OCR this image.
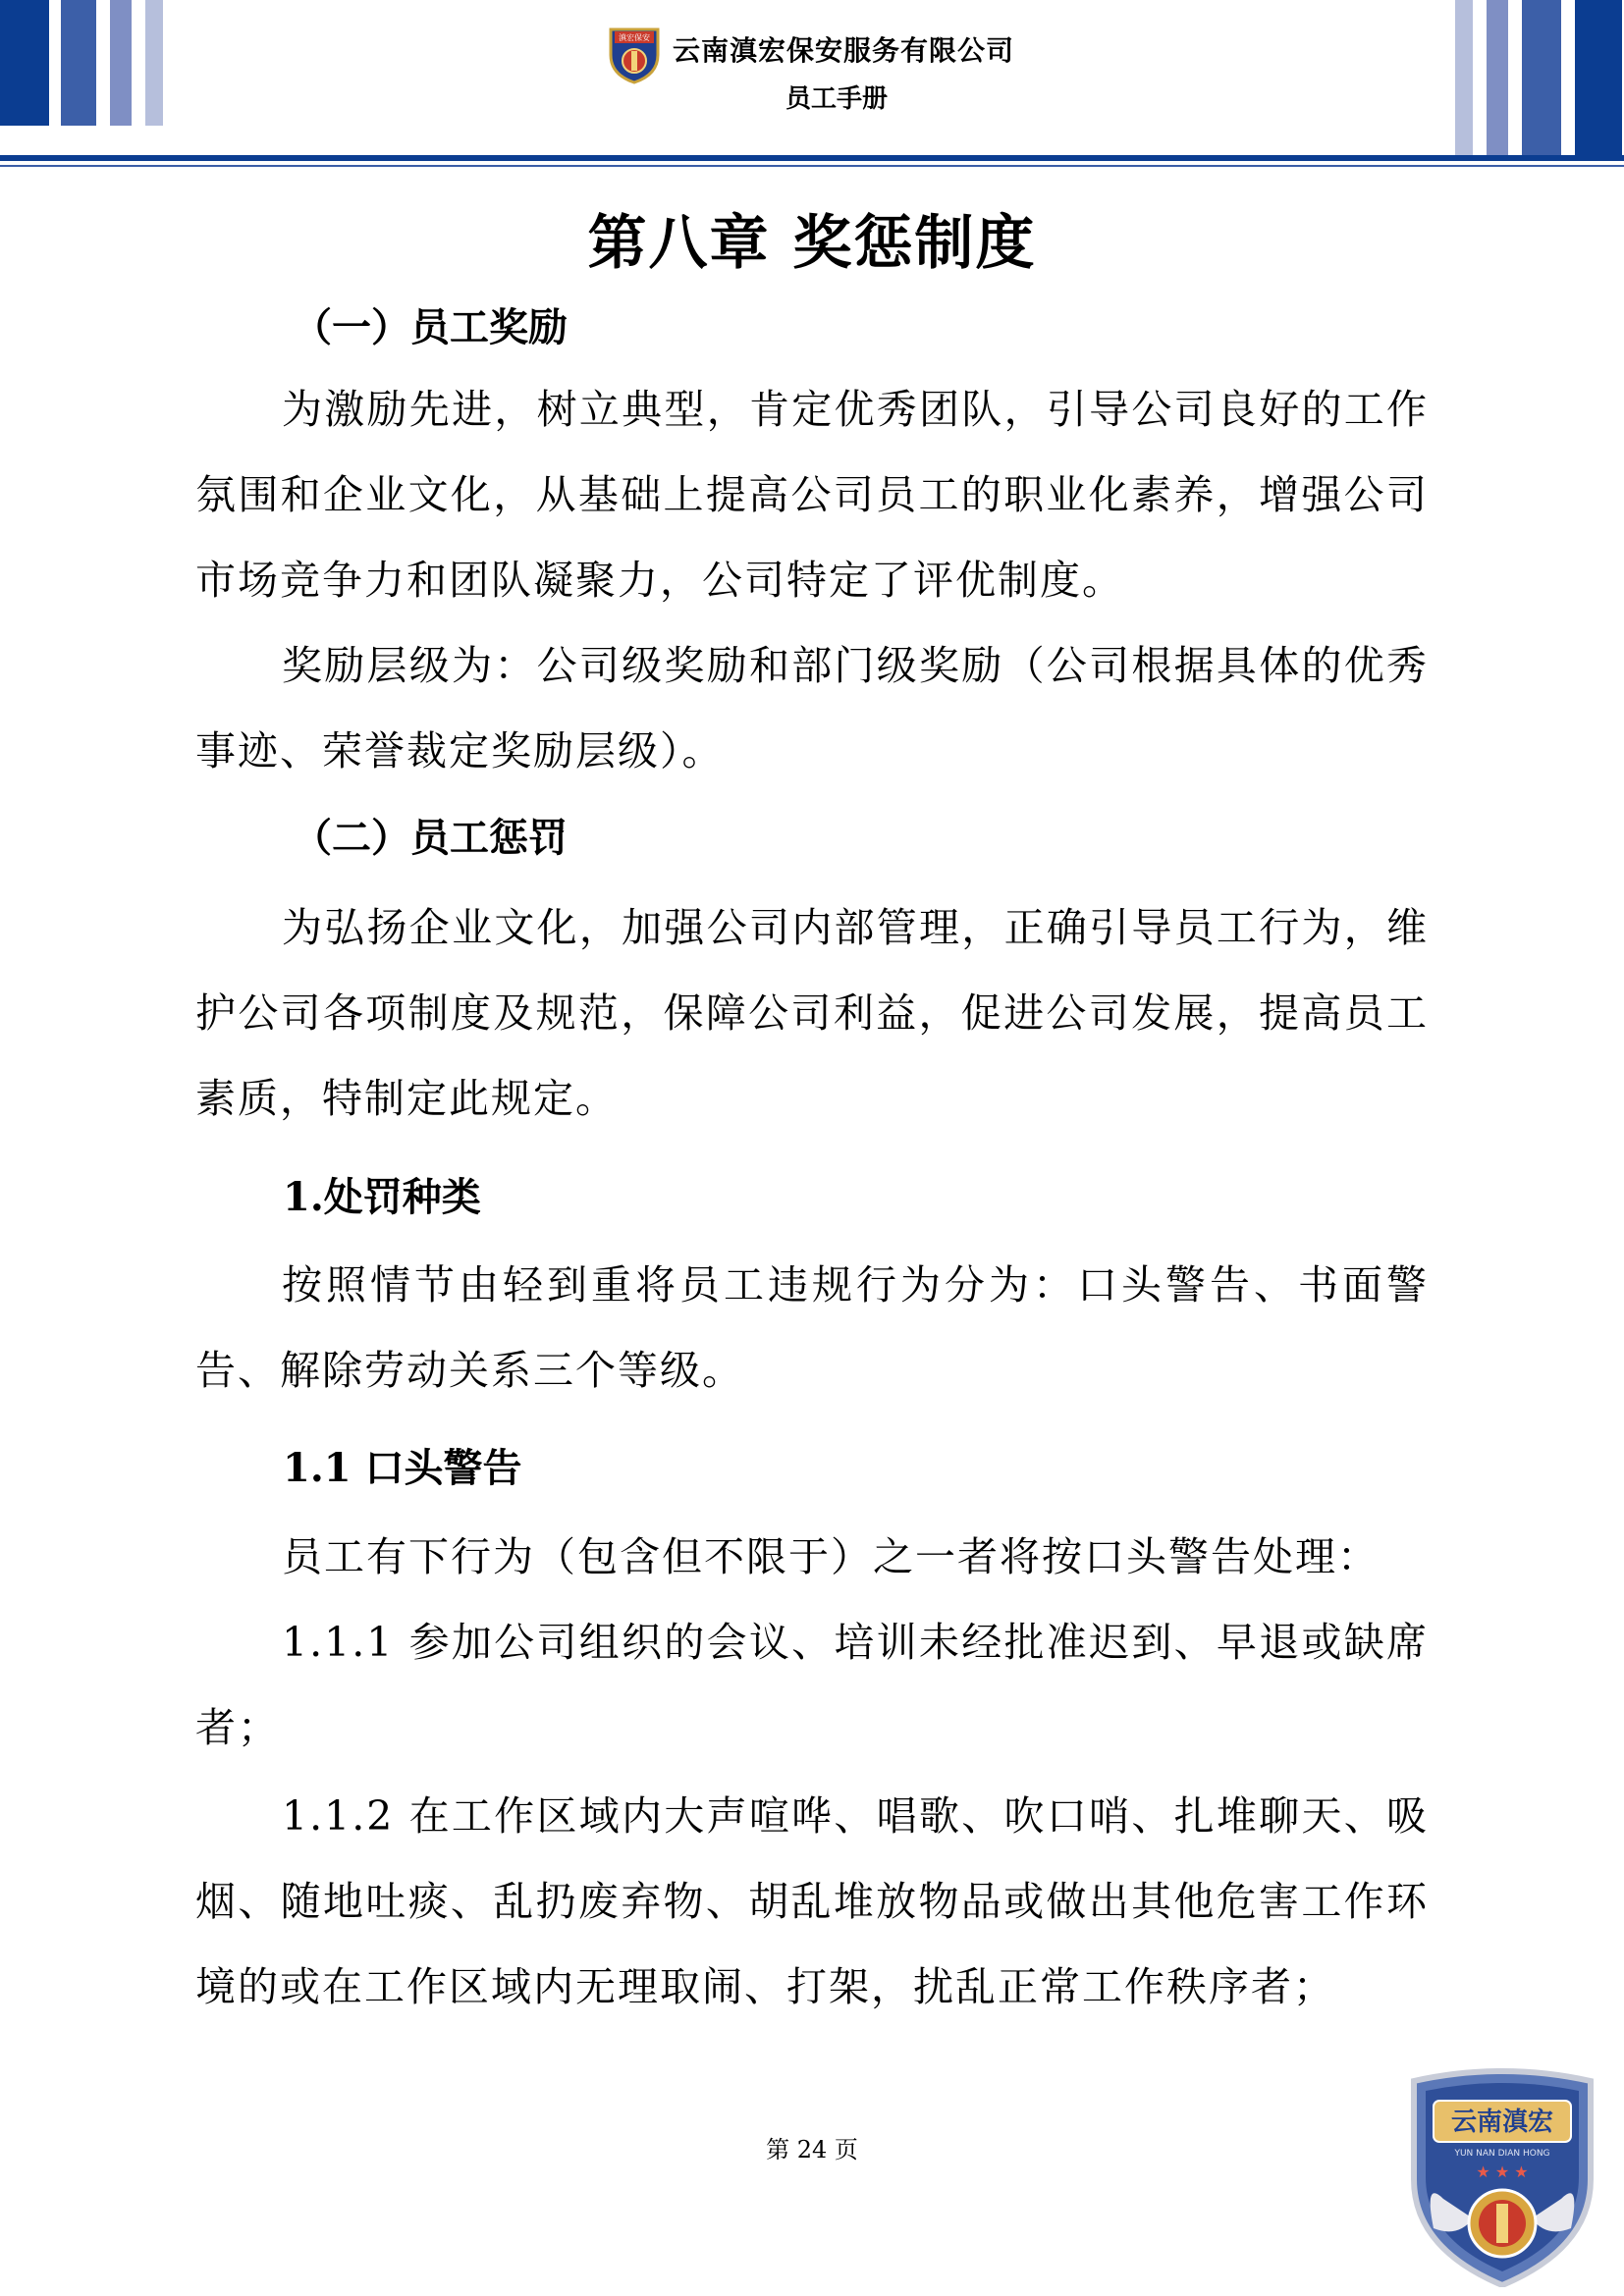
滇宏保安 云南滇宏保安服务有限公司
员工手册
第八章 奖惩制度
（一）员工奖励

为激励先进，树立典型，肯定优秀团队，引导公司良好的工作氛围和企业文化，从基础上提高公司员工的职业化素养，增强公司市场竞争力和团队凝聚力，公司特定了评优制度。

奖励层级为：公司级奖励和部门级奖励（公司根据具体的优秀事迹、荣誉裁定奖励层级）。

（二）员工惩罚

为弘扬企业文化，加强公司内部管理，正确引导员工行为，维护公司各项制度及规范，保障公司利益，促进公司发展，提高员工素质，特制定此规定。

1.处罚种类

按照情节由轻到重将员工违规行为分为：口头警告、书面警告、解除劳动关系三个等级。

1.1 口头警告

员工有下行为（包含但不限于）之一者将按口头警告处理：

1.1.1 参加公司组织的会议、培训未经批准迟到、早退或缺席者；

1.1.2 在工作区域内大声喧哗、唱歌、吹口哨、扎堆聊天、吸烟、随地吐痰、乱扔废弃物、胡乱堆放物品或做出其他危害工作环境的或在工作区域内无理取闹、打架，扰乱正常工作秩序者；

第 24 页
云南滇宏
YUN NAN DIAN HONG
★ ★ ★
